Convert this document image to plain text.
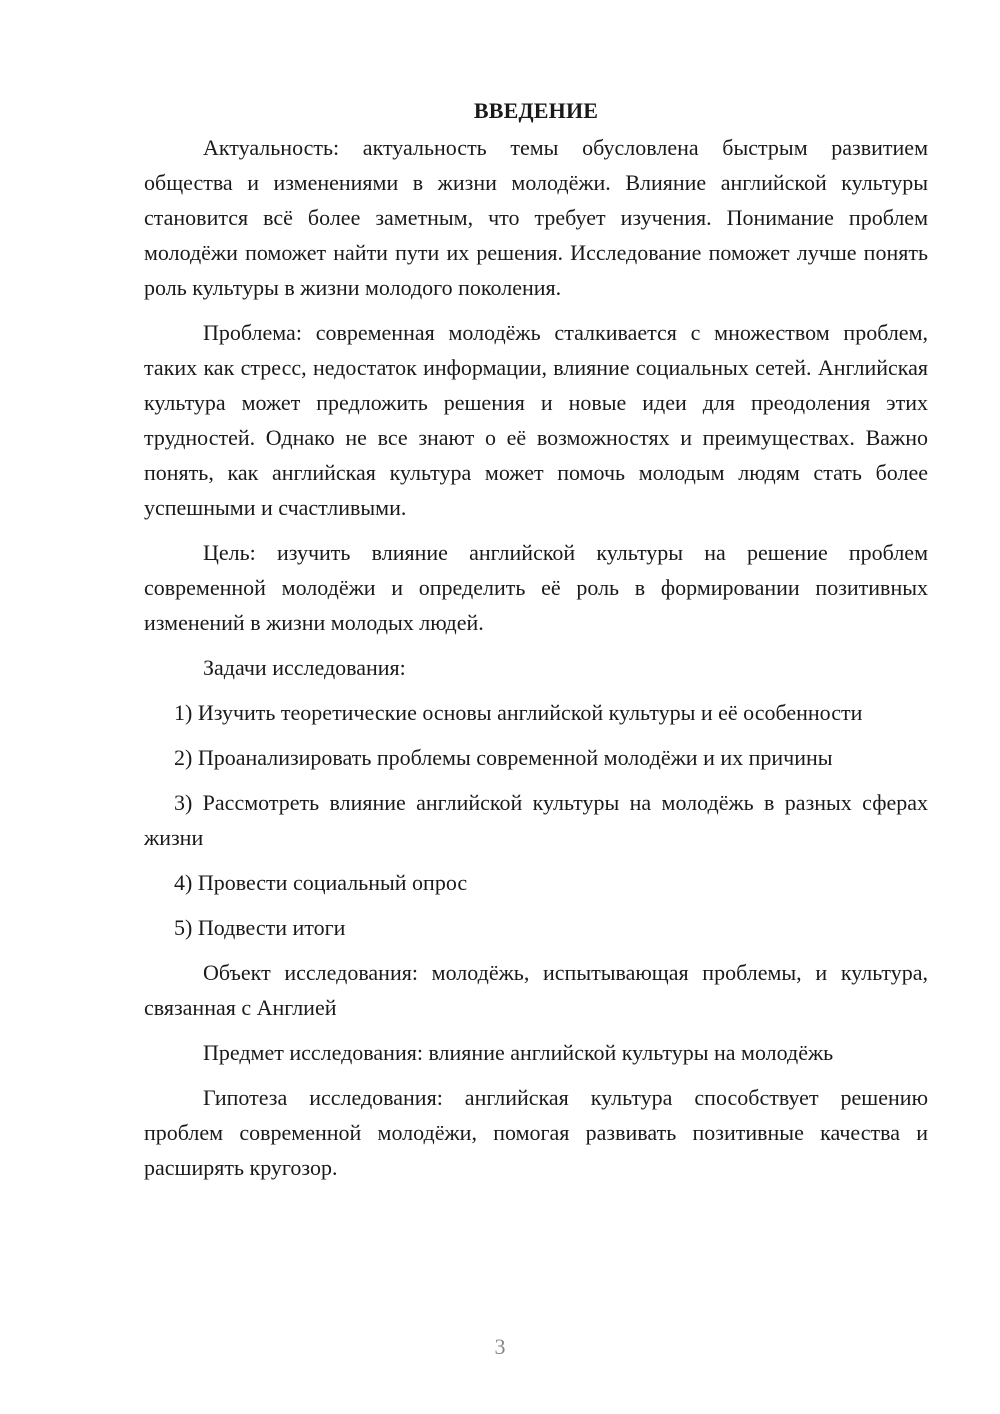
ВВЕДЕНИЕ

Актуальность: актуальность темы обусловлена быстрым развитием общества и изменениями в жизни молодёжи. Влияние английской культуры становится всё более заметным, что требует изучения. Понимание проблем молодёжи поможет найти пути их решения. Исследование поможет лучше понять роль культуры в жизни молодого поколения.

Проблема: современная молодёжь сталкивается с множеством проблем, таких как стресс, недостаток информации, влияние социальных сетей. Английская культура может предложить решения и новые идеи для преодоления этих трудностей. Однако не все знают о её возможностях и преимуществах. Важно понять, как английская культура может помочь молодым людям стать более успешными и счастливыми.

Цель: изучить влияние английской культуры на решение проблем современной молодёжи и определить её роль в формировании позитивных изменений в жизни молодых людей.

Задачи исследования:

1) Изучить теоретические основы английской культуры и её особенности

2) Проанализировать проблемы современной молодёжи и их причины

3) Рассмотреть влияние английской культуры на молодёжь в разных сферах жизни

4) Провести социальный опрос

5) Подвести итоги

Объект исследования: молодёжь, испытывающая проблемы, и культура, связанная с Англией

Предмет исследования: влияние английской культуры на молодёжь

Гипотеза исследования: английская культура способствует решению проблем современной молодёжи, помогая развивать позитивные качества и расширять кругозор.

3
